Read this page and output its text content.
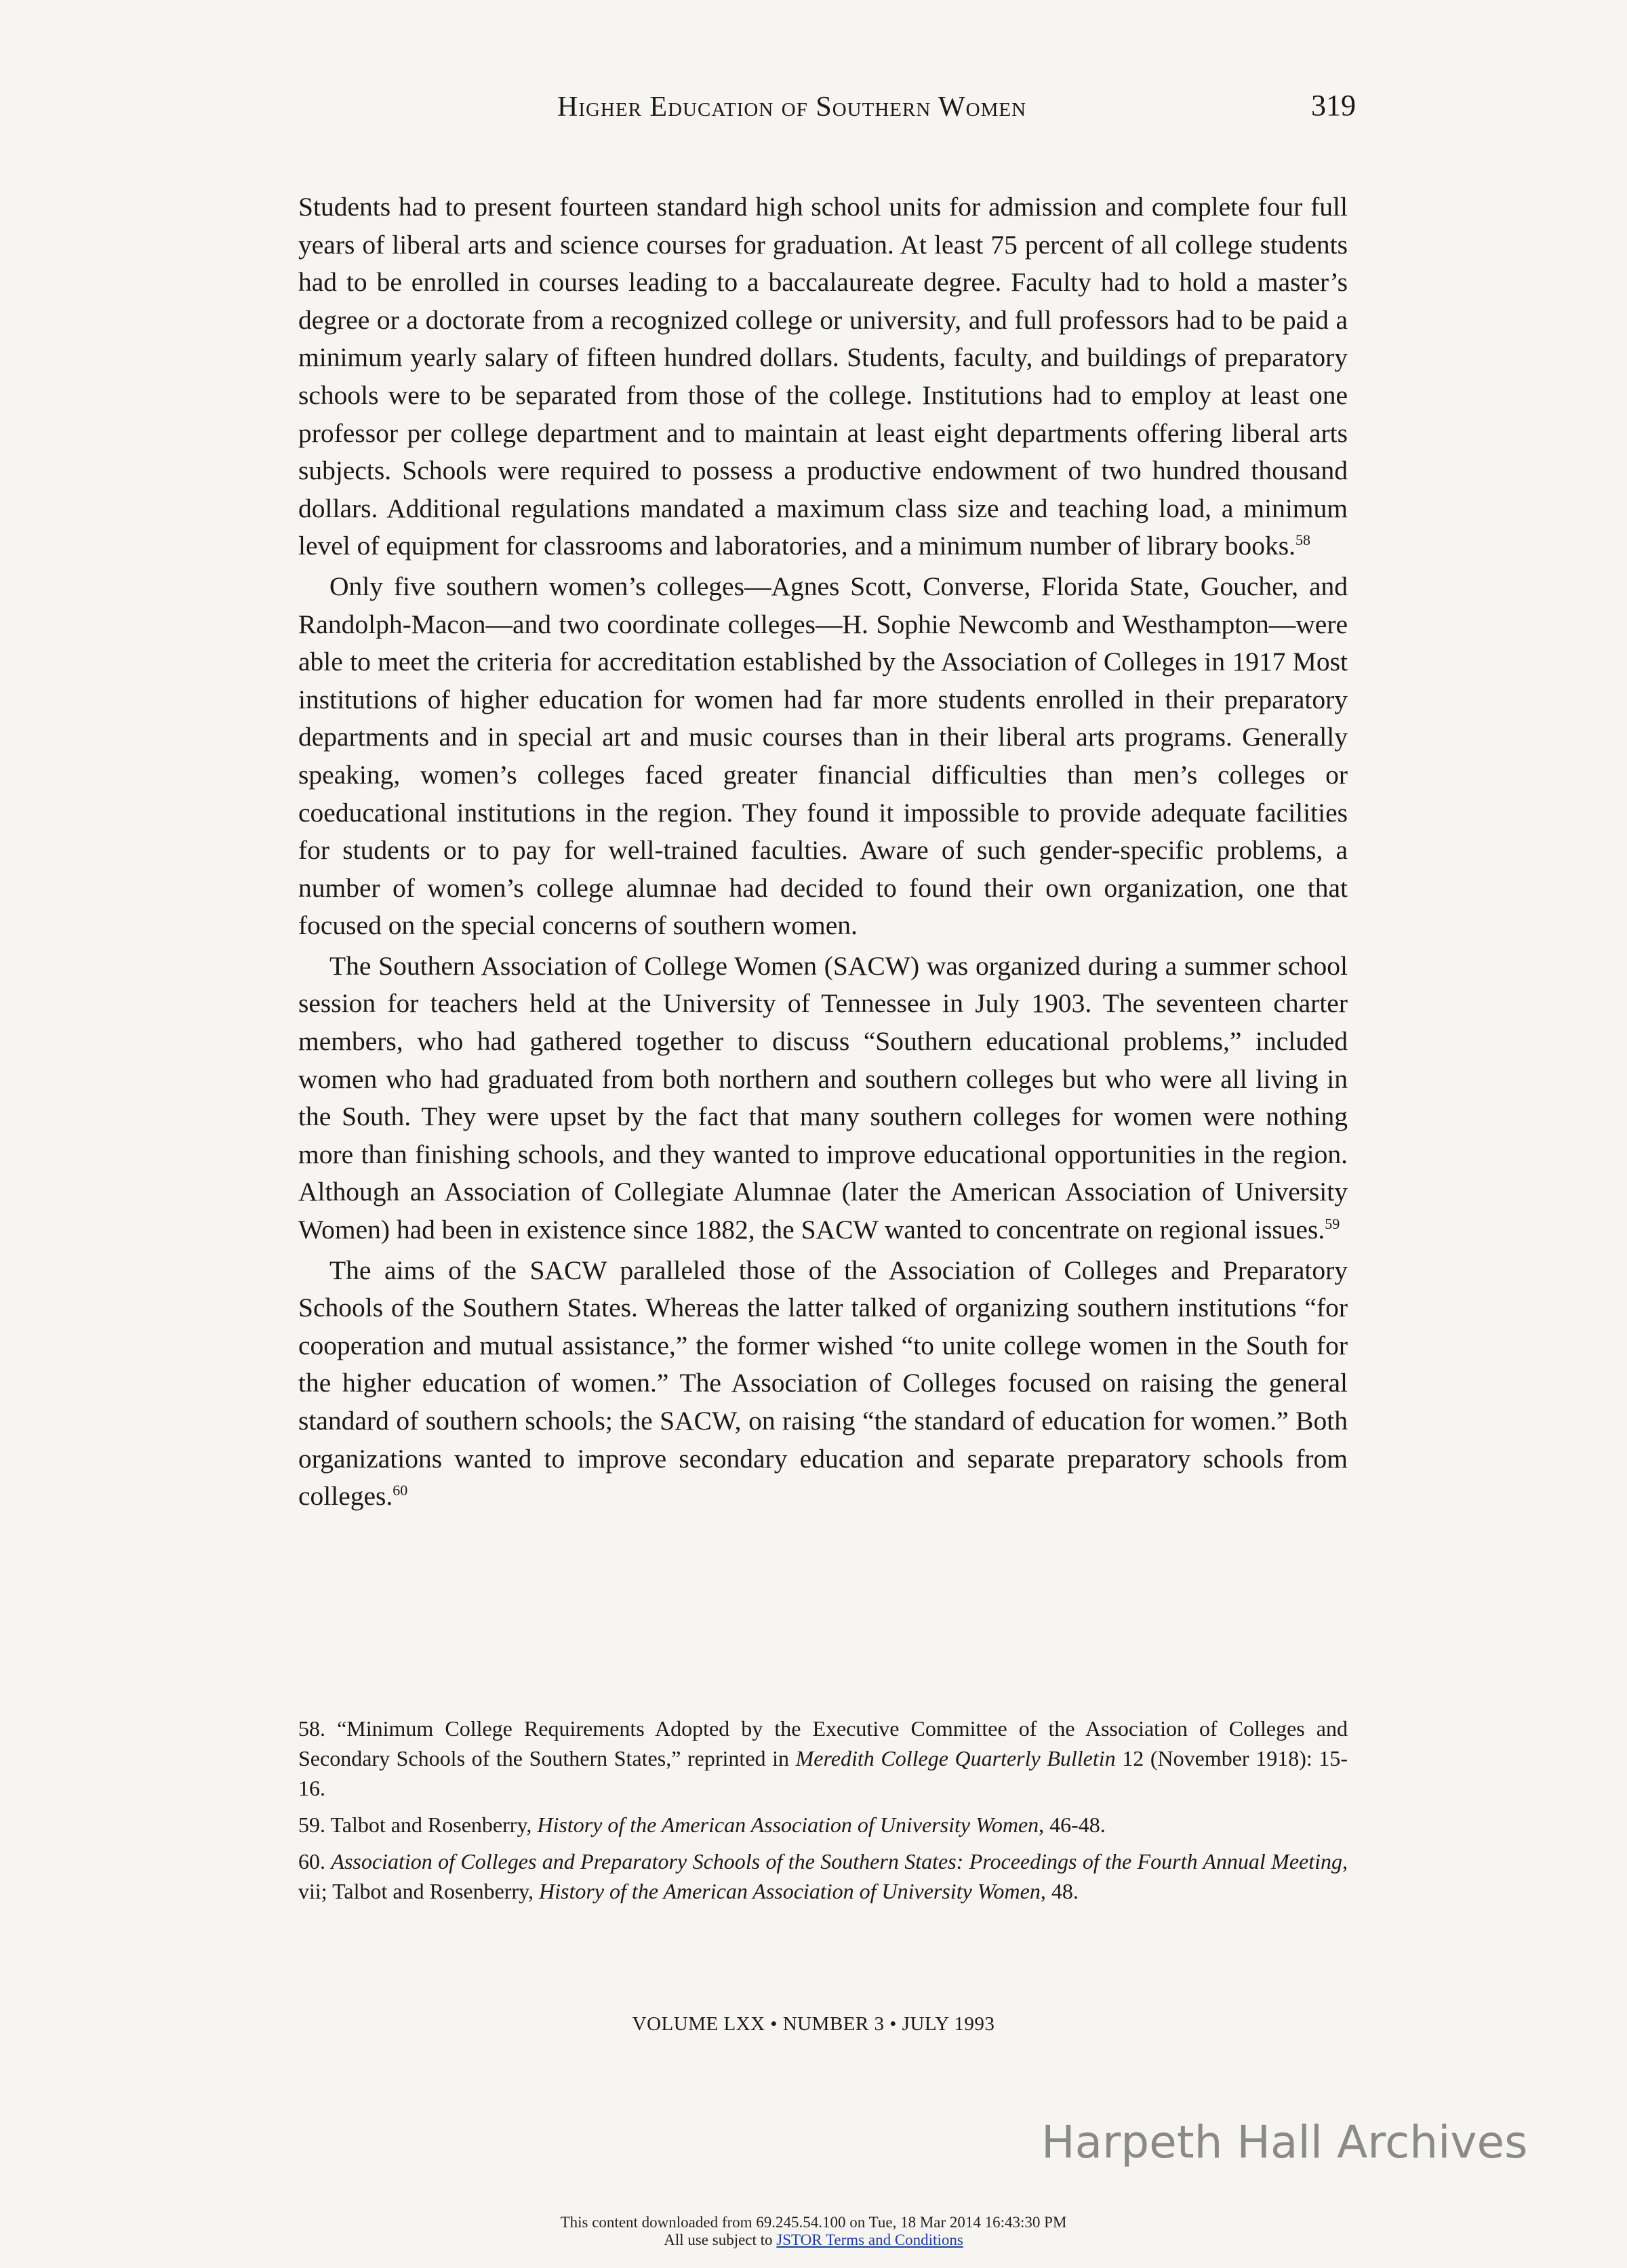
Higher Education of Southern Women	319

Students had to present fourteen standard high school units for admission and complete four full years of liberal arts and science courses for graduation. At least 75 percent of all college students had to be enrolled in courses leading to a baccalaureate degree. Faculty had to hold a master’s degree or a doctorate from a recognized college or university, and full professors had to be paid a minimum yearly salary of fifteen hundred dollars. Students, faculty, and buildings of preparatory schools were to be separated from those of the college. Institutions had to employ at least one professor per college department and to maintain at least eight departments offering liberal arts subjects. Schools were required to possess a productive endowment of two hundred thousand dollars. Additional regulations mandated a maximum class size and teaching load, a minimum level of equipment for classrooms and laboratories, and a minimum number of library books.$^{58}$

Only five southern women’s colleges—Agnes Scott, Converse, Florida State, Goucher, and Randolph-Macon—and two coordinate colleges—H. Sophie Newcomb and Westhampton—were able to meet the criteria for accreditation established by the Association of Colleges in 1917 Most institutions of higher education for women had far more students enrolled in their preparatory departments and in special art and music courses than in their liberal arts programs. Generally speaking, women’s colleges faced greater financial difficulties than men’s colleges or coeducational institutions in the region. They found it impossible to provide adequate facilities for students or to pay for well-trained faculties. Aware of such gender-specific problems, a number of women’s college alumnae had decided to found their own organization, one that focused on the special concerns of southern women.

The Southern Association of College Women (SACW) was organized during a summer school session for teachers held at the University of Tennessee in July 1903. The seventeen charter members, who had gathered together to discuss “Southern educational problems,” included women who had graduated from both northern and southern colleges but who were all living in the South. They were upset by the fact that many southern colleges for women were nothing more than finishing schools, and they wanted to improve educational opportunities in the region. Although an Association of Collegiate Alumnae (later the American Association of University Women) had been in existence since 1882, the SACW wanted to concentrate on regional issues.$^{59}$

The aims of the SACW paralleled those of the Association of Colleges and Preparatory Schools of the Southern States. Whereas the latter talked of organizing southern institutions “for cooperation and mutual assistance,” the former wished “to unite college women in the South for the higher education of women.” The Association of Colleges focused on raising the general standard of southern schools; the SACW, on raising “the standard of education for women.” Both organizations wanted to improve secondary education and separate preparatory schools from colleges.$^{60}$

58. “Minimum College Requirements Adopted by the Executive Committee of the Association of Colleges and Secondary Schools of the Southern States,” reprinted in Meredith College Quarterly Bulletin 12 (November 1918): 15-16.

59. Talbot and Rosenberry, History of the American Association of University Women, 46-48.

60. Association of Colleges and Preparatory Schools of the Southern States: Proceedings of the Fourth Annual Meeting, vii; Talbot and Rosenberry, History of the American Association of University Women, 48.

VOLUME LXX • NUMBER 3 • JULY 1993
Harpeth Hall Archives
This content downloaded from 69.245.54.100 on Tue, 18 Mar 2014 16:43:30 PM
All use subject to JSTOR Terms and Conditions
